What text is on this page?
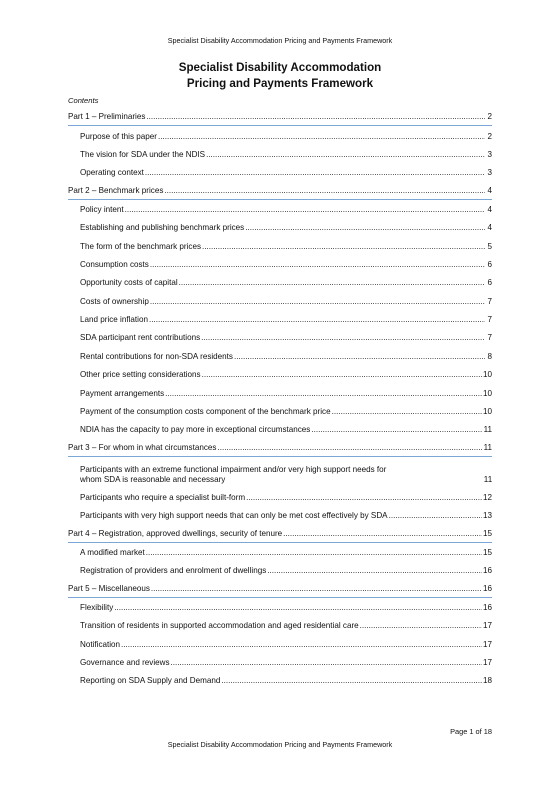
Specialist Disability Accommodation Pricing and Payments Framework
Specialist Disability Accommodation
Pricing and Payments Framework
Contents
Part 1 – Preliminaries .....	2
Purpose of this paper .....	2
The vision for SDA under the NDIS .....	3
Operating context .....	3
Part 2 – Benchmark prices .....	4
Policy intent .....	4
Establishing and publishing benchmark prices .....	4
The form of the benchmark prices .....	5
Consumption costs .....	6
Opportunity costs of capital .....	6
Costs of ownership .....	7
Land price inflation .....	7
SDA participant rent contributions .....	7
Rental contributions for non-SDA residents .....	8
Other price setting considerations .....	10
Payment arrangements .....	10
Payment of the consumption costs component of the benchmark price .....	10
NDIA has the capacity to pay more in exceptional circumstances .....	11
Part 3 – For whom in what circumstances .....	11
Participants with an extreme functional impairment and/or very high support needs for
whom SDA is reasonable and necessary	11
Participants who require a specialist built-form .....	12
Participants with very high support needs that can only be met cost effectively by SDA .....	13
Part 4 – Registration, approved dwellings, security of tenure .....	15
A modified market .....	15
Registration of providers and enrolment of dwellings .....	16
Part 5 – Miscellaneous .....	16
Flexibility .....	16
Transition of residents in supported accommodation and aged residential care .....	17
Notification .....	17
Governance and reviews .....	17
Reporting on SDA Supply and Demand .....	18
Page 1 of 18
Specialist Disability Accommodation Pricing and Payments Framework
